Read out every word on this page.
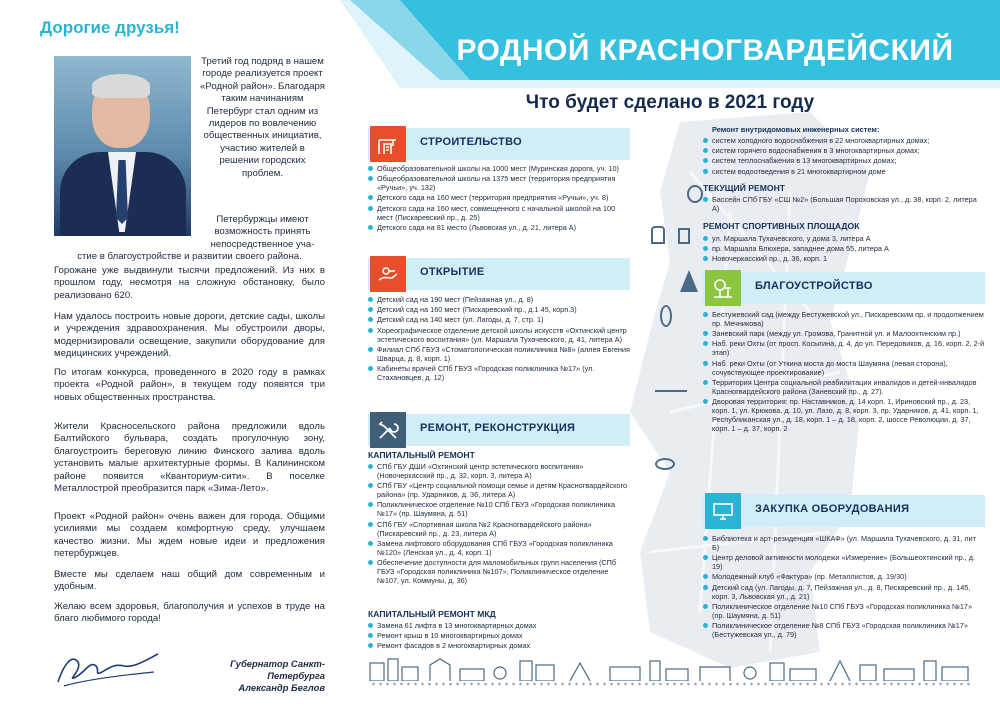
Дорогие друзья!
Третий год подряд в нашем городе реализуется проект «Родной район». Благодаря таким начинаниям Петербург стал одним из лидеров по вовлечению общественных инициатив, участию жителей в решении городских проблем.
Петербуржцы имеют возможность принять непосредственное уча-
стие в благоустройстве и развитии своего района.
Горожане уже выдвинули тысячи предложений. Из них в прошлом году, несмотря на сложную обстановку, было реализовано 620.
Нам удалось построить новые дороги, детские сады, школы и учреждения здравоохранения. Мы обустроили дворы, модернизировали освещение, закупили оборудование для медицинских учреждений.
По итогам конкурса, проведенного в 2020 году в рамках проекта «Родной район», в текущем году появятся три новых общественных пространства.
Жители Красносельского района предложили вдоль Балтийского бульвара, создать прогулочную зону, благоустроить береговую линию Финского залива вдоль установить малые архитектурные формы. В Калининском районе появится «Кванториум-сити». В поселке Металлострой преобразится парк «Зима-Лето».
Проект «Родной район» очень важен для города. Общими усилиями мы создаем комфортную среду, улучшаем качество жизни. Мы ждем новые идеи и предложения петербуржцев.
Вместе мы сделаем наш общий дом современным и удобным.
Желаю всем здоровья, благополучия и успехов в труде на благо любимого города!
Губернатор Санкт-Петербурга
Александр Беглов
РОДНОЙ КРАСНОГВАРДЕЙСКИЙ
Что будет сделано в 2021 году
СТРОИТЕЛЬСТВО
Общеобразовательной школы на 1000 мест (Муринская дорога, уч. 10)
Общеобразовательной школы на 1375 мест (территория предприятия «Ручьи», уч. 132)
Детского сада на 160 мест (территория предприятия «Ручьи», уч. 8)
Детского сада на 160 мест, совмещенного с начальной школой на 100 мест (Пискаревский пр., д. 25)
Детского сада на 81 место (Львовская ул., д. 21, литера А)
ОТКРЫТИЕ
Детский сад на 190 мест (Пейзажная ул., д. 8)
Детский сад на 160 мест (Пискаревский пр., д.1 45, корп.3)
Детский сад на 140 мест (ул. Лагоды, д. 7, стр. 1)
Хореографическое отделение детской школы искусств «Охтинский центр эстетического воспитания» (ул. Маршала Тухачевского, д. 41, литера А)
Филиал СПб ГБУЗ «Стоматологическая поликлиника №8» (аллея Евгения Шварца, д. 8, корп. 1)
Кабинеты врачей СПб ГБУЗ «Городская поликлиника №17» (ул. Стахановцев, д. 12)
РЕМОНТ, РЕКОНСТРУКЦИЯ
КАПИТАЛЬНЫЙ РЕМОНТ
СПб ГБУ ДШИ «Охтинский центр эстетического воспитания» (Новочеркасский пр., д. 32, корп. 3, литера А)
СПб ГБУ «Центр социальной помощи семье и детям Красногвардейского района» (пр. Ударников, д. 36, литера А)
Поликлиническое отделение №10 СПб ГБУЗ «Городская поликлиника №17» (пр. Шаумяна, д. 51)
СПб ГБУ «Спортивная школа №2 Красногвардейского района» (Пискаревский пр., д. 23, литера А)
Замена лифтового оборудования СПб ГБУЗ «Городская поликлиника №120» (Ленская ул., д. 4, корп. 1)
Обеспечение доступности для маломобильных групп населения (СПб ГБУЗ «Городская поликлиника №107», Поликлиническое отделение №107, ул. Коммуны, д. 36)
КАПИТАЛЬНЫЙ РЕМОНТ МКД
Замена 61 лифта в 13 многоквартирных домах
Ремонт крыш в 10 многоквартирных домах
Ремонт фасадов в 2 многоквартирных домах
Ремонт внутридомовых инженерных систем:
систем холодного водоснабжения в 22 многоквартирных домах;
систем горячего водоснабжения в 3 многоквартирных домах;
систем теплоснабжения в 13 многоквартирных домах;
систем водоотведения в 21 многоквартирном доме
ТЕКУЩИЙ РЕМОНТ
Бассейн СПб ГБУ «СШ №2» (Большая Пороховская ул., д. 38, корп. 2, литера А)
РЕМОНТ СПОРТИВНЫХ ПЛОЩАДОК
ул. Маршала Тухачевского, у дома 3, литера А
пр. Маршала Блюхера, западнее дома 55, литера А
Новочеркасский пр., д. 36, корп. 1
БЛАГОУСТРОЙСТВО
Бестужевский сад (между Бестужевской ул., Пискаревским пр. и продолжением пр. Мечникова)
Заневский парк (между ул. Громова, Гранитной ул. и Малоохтинским пр.)
Наб. реки Охты (от просп. Косыгина, д. 4, до ул. Передовиков, д. 16, корп. 2, 2-й этап)
Наб. реки Охты (от Уткина моста до моста Шаумяна (левая сторона), сочувствующее проектирование)
Территория Центра социальной реабилитации инвалидов и детей-инвалидов Красногвардейского района (Заневский пр., д. 27).
Дворовая территория: пр. Наставников, д. 14 корп. 1, Ириновский пр., д. 23, корп. 1, ул. Крюкова, д. 10, ул. Лазо, д. 8, корп. 3, пр. Ударников, д. 41, корп. 1, Республиканская ул., д. 18, корп. 1 – д. 18, корп. 2, шоссе Революции, д. 37, корп. 1 – д. 37, корп. 2
ЗАКУПКА ОБОРУДОВАНИЯ
Библиотека и арт-резиденция «ШКАФ» (ул. Маршала Тухачевского, д. 31, лит Б)
Центр деловой активности молодежи «Измерение» (Большеохтинский пр., д. 19)
Молодежный клуб «Фактура» (пр. Металлистов, д. 19/30)
Детский сад (ул. Лагоды, д. 7, Пейзажная ул., д. 8, Пискаревский пр., д. 145, корп. 3, Львовская ул., д. 21)
Поликлиническое отделение №10 СПб ГБУЗ «Городская поликлиника №17» (пр. Шаумяна, д. 51)
Поликлиническое отделение №8 СПб ГБУЗ «Городская поликлиника №17» (Бестужевская ул., д. 79)
